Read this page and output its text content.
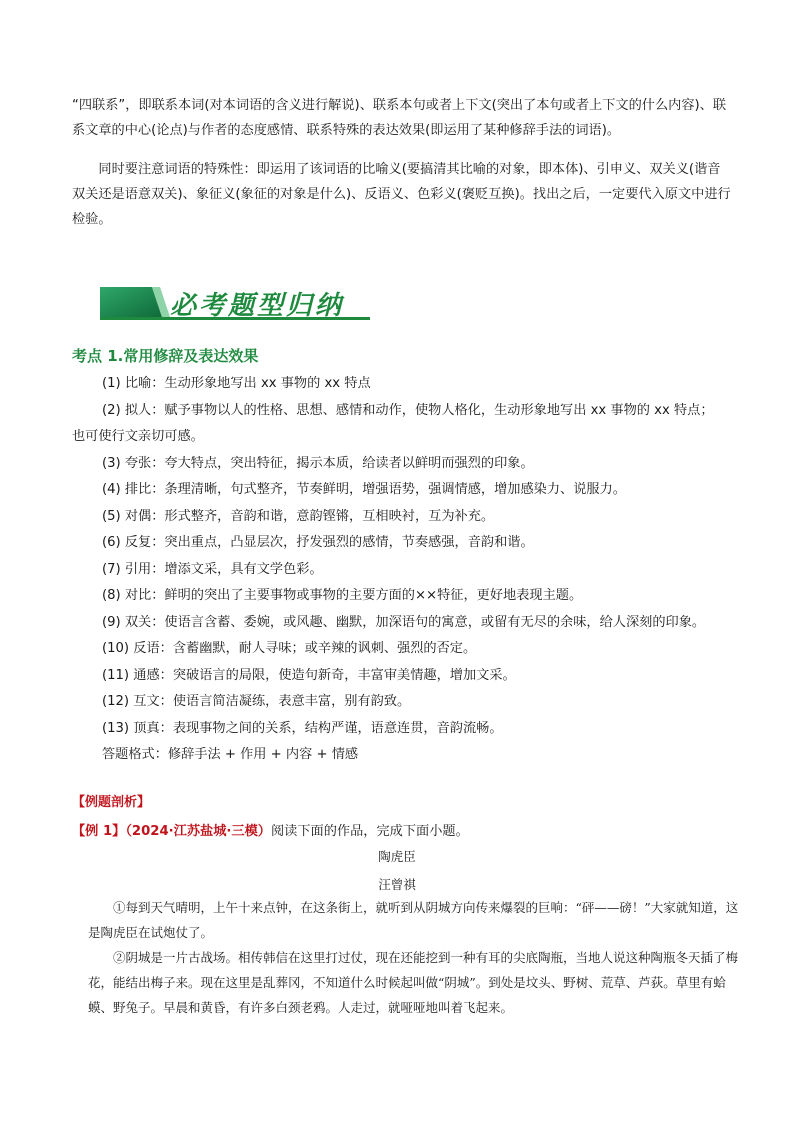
“四联系”，即联系本词(对本词语的含义进行解说)、联系本句或者上下文(突出了本句或者上下文的什么内容)、联系文章的中心(论点)与作者的态度感情、联系特殊的表达效果(即运用了某种修辞手法的词语)。

同时要注意词语的特殊性：即运用了该词语的比喻义(要搞清其比喻的对象，即本体)、引申义、双关义(谐音双关还是语意双关)、象征义(象征的对象是什么)、反语义、色彩义(褒贬互换)。找出之后，一定要代入原文中进行检验。

必考题型归纳

考点 1.常用修辞及表达效果

(1) 比喻：生动形象地写出 xx 事物的 xx 特点
(2) 拟人：赋予事物以人的性格、思想、感情和动作，使物人格化，生动形象地写出 xx 事物的 xx 特点；
也可使行文亲切可感。
(3) 夸张：夸大特点，突出特征，揭示本质，给读者以鲜明而强烈的印象。
(4) 排比：条理清晰，句式整齐，节奏鲜明，增强语势，强调情感，增加感染力、说服力。
(5) 对偶：形式整齐，音韵和谐，意韵铿锵，互相映衬，互为补充。
(6) 反复：突出重点，凸显层次，抒发强烈的感情，节奏感强，音韵和谐。
(7) 引用：增添文采，具有文学色彩。
(8) 对比：鲜明的突出了主要事物或事物的主要方面的××特征，更好地表现主题。
(9) 双关：使语言含蓄、委婉，或风趣、幽默，加深语句的寓意，或留有无尽的余味，给人深刻的印象。
(10) 反语：含蓄幽默，耐人寻味；或辛辣的讽刺、强烈的否定。
(11) 通感：突破语言的局限，使造句新奇，丰富审美情趣，增加文采。
(12) 互文：使语言简洁凝练，表意丰富，别有韵致。
(13) 顶真：表现事物之间的关系，结构严谨，语意连贯，音韵流畅。
答题格式：修辞手法 + 作用 + 内容 + 情感

【例题剖析】

【例 1】（2024·江苏盐城·三模）阅读下面的作品，完成下面小题。

陶虎臣

汪曾祺

①每到天气晴明，上午十来点钟，在这条街上，就听到从阴城方向传来爆裂的巨响：“砰——磅！”大家就知道，这是陶虎臣在试炮仗了。

②阴城是一片古战场。相传韩信在这里打过仗，现在还能挖到一种有耳的尖底陶瓶，当地人说这种陶瓶冬天插了梅花，能结出梅子来。现在这里是乱葬冈，不知道什么时候起叫做“阴城”。到处是坟头、野树、荒草、芦荻。草里有蛤蟆、野兔子。早晨和黄昏，有许多白颈老鸦。人走过，就哑哑地叫着飞起来。
